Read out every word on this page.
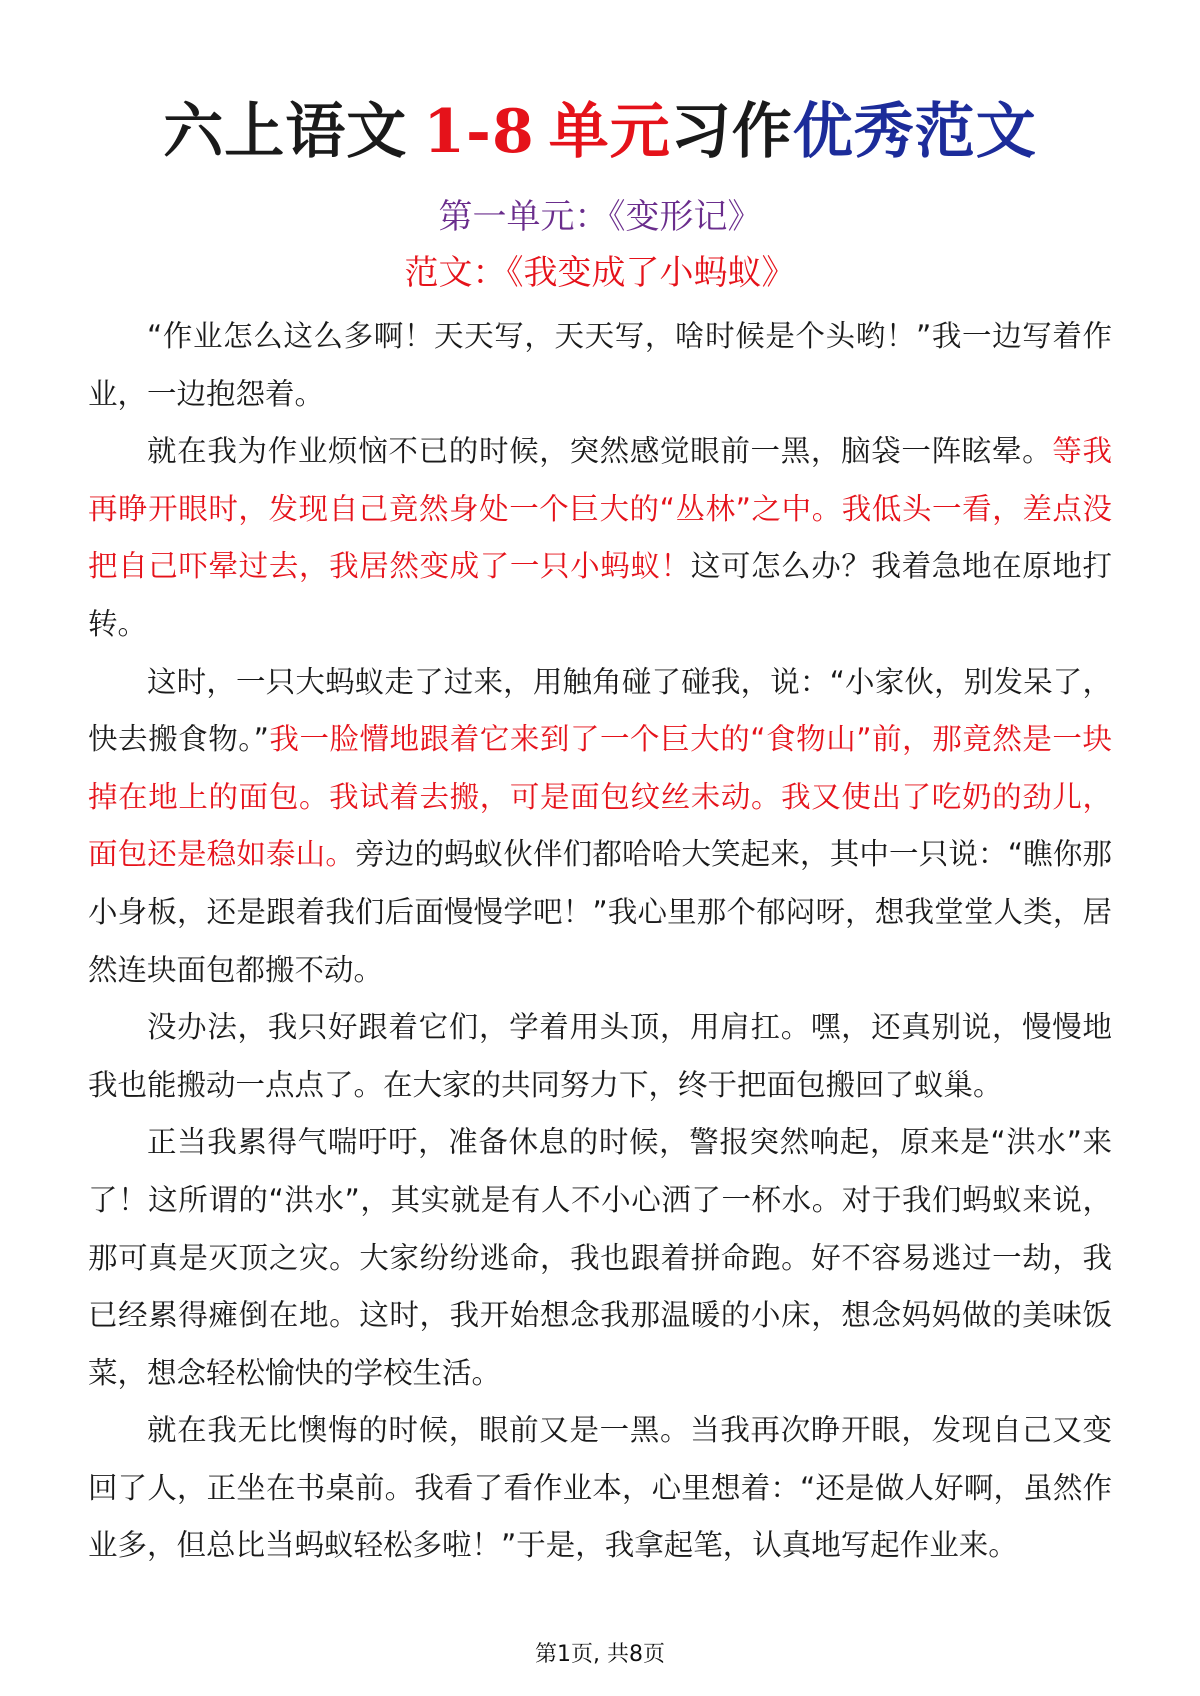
六上语文 1-8 单元习作优秀范文
第一单元：《变形记》
范文：《我变成了小蚂蚁》

“作业怎么这么多啊！天天写，天天写，啥时候是个头哟！”我一边写着作业，一边抱怨着。

就在我为作业烦恼不已的时候，突然感觉眼前一黑，脑袋一阵眩晕。等我再睁开眼时，发现自己竟然身处一个巨大的“丛林”之中。我低头一看，差点没把自己吓晕过去，我居然变成了一只小蚂蚁！这可怎么办？我着急地在原地打转。

这时，一只大蚂蚁走了过来，用触角碰了碰我，说：“小家伙，别发呆了，快去搬食物。”我一脸懵地跟着它来到了一个巨大的“食物山”前，那竟然是一块掉在地上的面包。我试着去搬，可是面包纹丝未动。我又使出了吃奶的劲儿，面包还是稳如泰山。旁边的蚂蚁伙伴们都哈哈大笑起来，其中一只说：“瞧你那小身板，还是跟着我们后面慢慢学吧！”我心里那个郁闷呀，想我堂堂人类，居然连块面包都搬不动。

没办法，我只好跟着它们，学着用头顶，用肩扛。嘿，还真别说，慢慢地我也能搬动一点点了。在大家的共同努力下，终于把面包搬回了蚁巢。

正当我累得气喘吁吁，准备休息的时候，警报突然响起，原来是“洪水”来了！这所谓的“洪水”，其实就是有人不小心洒了一杯水。对于我们蚂蚁来说，那可真是灭顶之灾。大家纷纷逃命，我也跟着拼命跑。好不容易逃过一劫，我已经累得瘫倒在地。这时，我开始想念我那温暖的小床，想念妈妈做的美味饭菜，想念轻松愉快的学校生活。

就在我无比懊悔的时候，眼前又是一黑。当我再次睁开眼，发现自己又变回了人，正坐在书桌前。我看了看作业本，心里想着：“还是做人好啊，虽然作业多，但总比当蚂蚁轻松多啦！”于是，我拿起笔，认真地写起作业来。

第1页, 共8页
